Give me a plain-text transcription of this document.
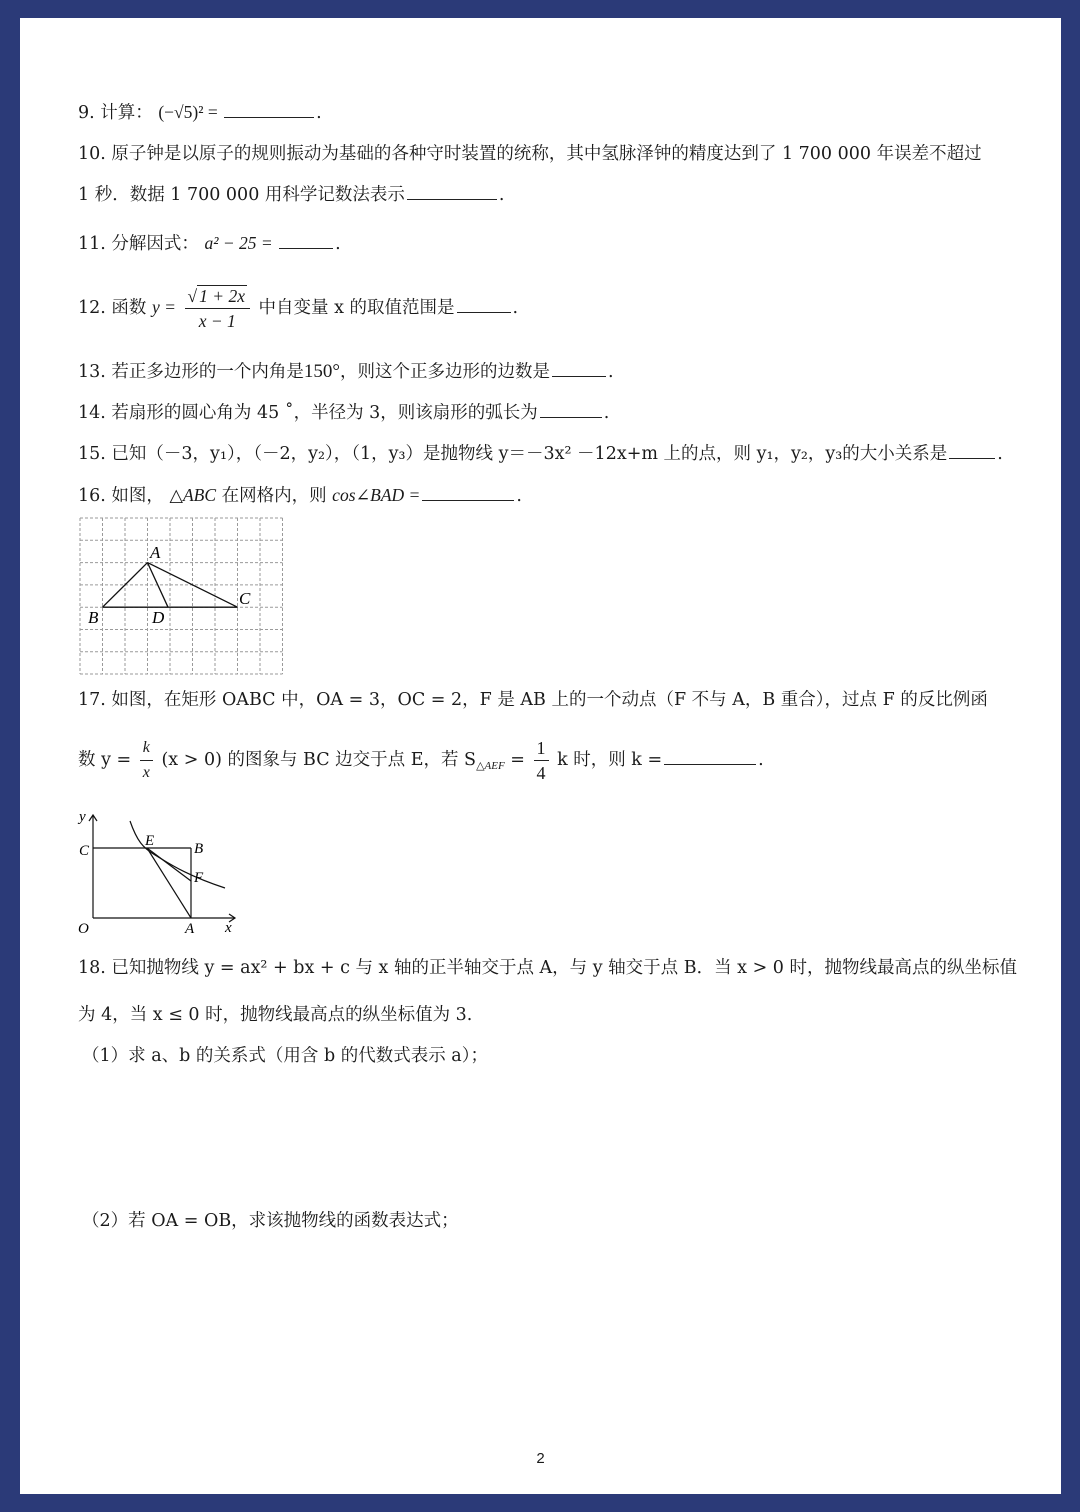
9. 计算： (−√5)² =	.
10. 原子钟是以原子的规则振动为基础的各种守时装置的统称，其中氢脉泽钟的精度达到了 1 700 000 年误差不超过
1 秒．数据 1 700 000 用科学记数法表示	.
11. 分解因式： a² − 25 =	.
12. 函数 $y = \frac{√ 1 + 2x}{x - 1}$ 中自变量 x 的取值范围是	.
13. 若正多边形的一个内角是150°，则这个正多边形的边数是	.
14. 若扇形的圆心角为 45 ˚，半径为 3，则该扇形的弧长为	.
15. 已知（－3，y₁），（－2，y₂），（1，y₃）是抛物线 y＝－3x² －12x+m 上的点，则 y₁，y₂，y₃的大小关系是	.
16. 如图， △ABC 在网格内，则 cos∠BAD =	.
A
B
C
D
17. 如图，在矩形 OABC 中，OA = 3，OC = 2，F 是 AB 上的一个动点（F 不与 A，B 重合），过点 F 的反比例函
数 $y = \frac{k}{x} (x > 0)$ 的图象与 BC 边交于点 E，若 $S_{\triangle AEF} = \frac{1}{4}$ k 时，则 k =	.
y
x
O
C
E	B
F
A
18. 已知抛物线 y = ax² + bx + c 与 x 轴的正半轴交于点 A，与 y 轴交于点 B．当 x > 0 时，抛物线最高点的纵坐标值
为 4，当 x ≤ 0 时，抛物线最高点的纵坐标值为 3.
（1）求 a、b 的关系式（用含 b 的代数式表示 a）；
（2）若 OA = OB，求该抛物线的函数表达式；
2
